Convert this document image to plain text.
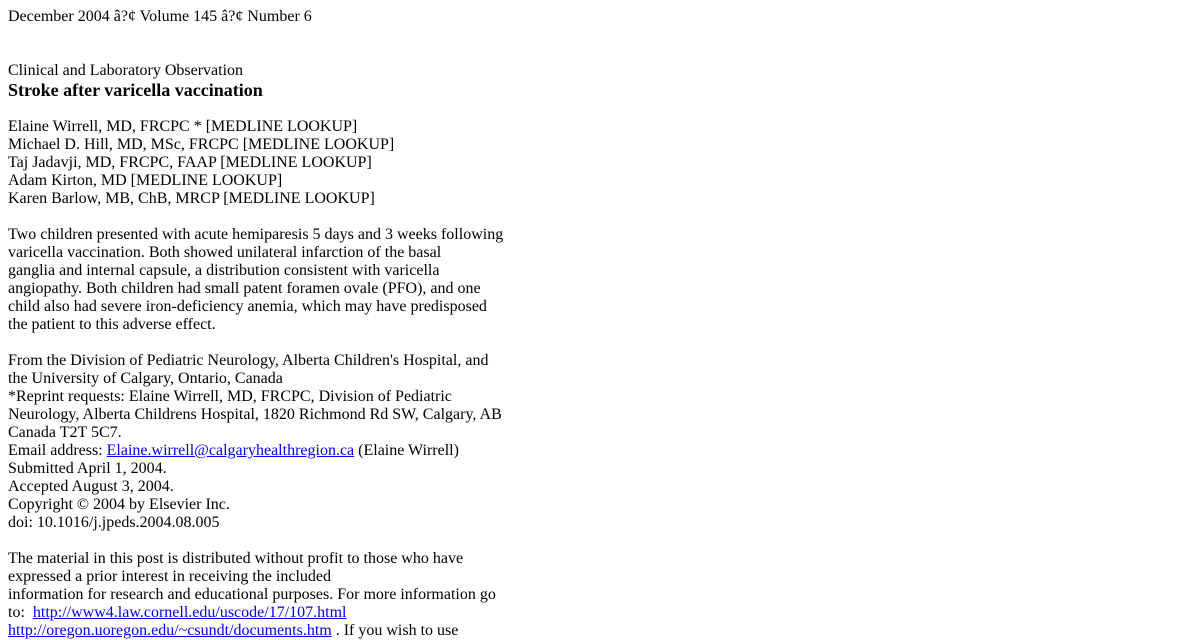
December 2004 â?¢ Volume 145 â?¢ Number 6

Clinical and Laboratory Observation

Stroke after varicella vaccination

Elaine Wirrell, MD, FRCPC * [MEDLINE LOOKUP]

Michael D. Hill, MD, MSc, FRCPC [MEDLINE LOOKUP]

Taj Jadavji, MD, FRCPC, FAAP [MEDLINE LOOKUP]

Adam Kirton, MD [MEDLINE LOOKUP]

Karen Barlow, MB, ChB, MRCP [MEDLINE LOOKUP]

Two children presented with acute hemiparesis 5 days and 3 weeks following

varicella vaccination. Both showed unilateral infarction of the basal

ganglia and internal capsule, a distribution consistent with varicella

angiopathy. Both children had small patent foramen ovale (PFO), and one

child also had severe iron-deficiency anemia, which may have predisposed

the patient to this adverse effect.

From the Division of Pediatric Neurology, Alberta Children's Hospital, and

the University of Calgary, Ontario, Canada

*Reprint requests: Elaine Wirrell, MD, FRCPC, Division of Pediatric

Neurology, Alberta Childrens Hospital, 1820 Richmond Rd SW, Calgary, AB

Canada T2T 5C7.

Email address: Elaine.wirrell@calgaryhealthregion.ca (Elaine Wirrell)

Submitted April 1, 2004.

Accepted August 3, 2004.

Copyright © 2004 by Elsevier Inc.

doi: 10.1016/j.jpeds.2004.08.005

The material in this post is distributed without profit to those who have

expressed a prior interest in receiving the included

information for research and educational purposes. For more information go

to:  http://www4.law.cornell.edu/uscode/17/107.html

http://oregon.uoregon.edu/~csundt/documents.htm . If you wish to use
